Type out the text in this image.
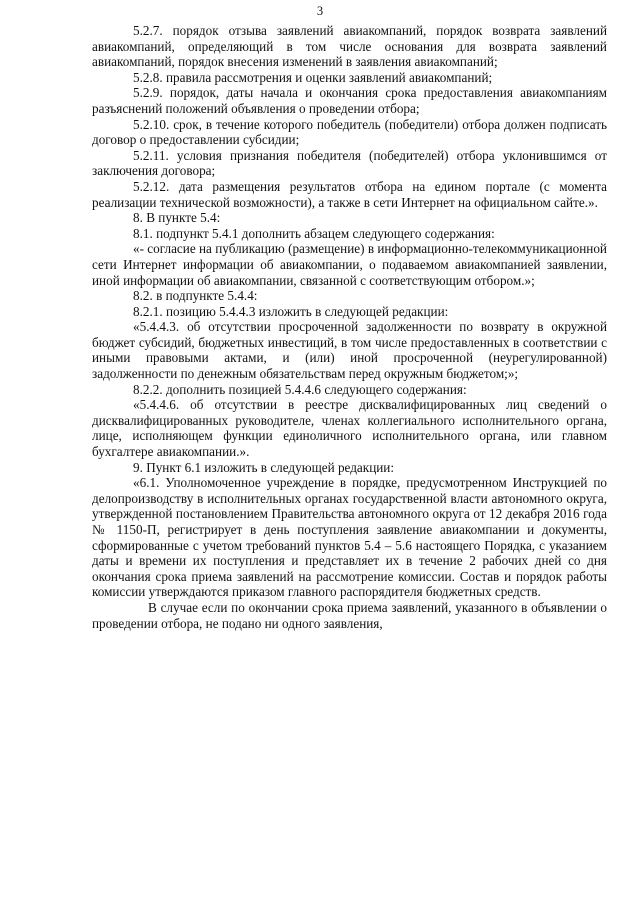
3

5.2.7. порядок отзыва заявлений авиакомпаний, порядок возврата заявлений авиакомпаний, определяющий в том числе основания для возврата заявлений авиакомпаний, порядок внесения изменений в заявления авиакомпаний;

5.2.8. правила рассмотрения и оценки заявлений авиакомпаний;

5.2.9. порядок, даты начала и окончания срока предоставления авиакомпаниям разъяснений положений объявления о проведении отбора;

5.2.10. срок, в течение которого победитель (победители) отбора должен подписать договор о предоставлении субсидии;

5.2.11. условия признания победителя (победителей) отбора уклонившимся от заключения договора;

5.2.12. дата размещения результатов отбора на едином портале (с момента реализации технической возможности), а также в сети Интернет на официальном сайте.».

8. В пункте 5.4:

8.1. подпункт 5.4.1 дополнить абзацем следующего содержания:

«- согласие на публикацию (размещение) в информационно-телекоммуникационной сети Интернет информации об авиакомпании, о подаваемом авиакомпанией заявлении, иной информации об авиакомпании, связанной с соответствующим отбором.»;

8.2. в подпункте 5.4.4:

8.2.1. позицию 5.4.4.3 изложить в следующей редакции:

«5.4.4.3. об отсутствии просроченной задолженности по возврату в окружной бюджет субсидий, бюджетных инвестиций, в том числе предоставленных в соответствии с иными правовыми актами, и (или) иной просроченной (неурегулированной) задолженности по денежным обязательствам перед окружным бюджетом;»;

8.2.2. дополнить позицией 5.4.4.6 следующего содержания:

«5.4.4.6. об отсутствии в реестре дисквалифицированных лиц сведений о дисквалифицированных руководителе, членах коллегиального исполнительного органа, лице, исполняющем функции единоличного исполнительного органа, или главном бухгалтере авиакомпании.».

9. Пункт 6.1 изложить в следующей редакции:

«6.1. Уполномоченное учреждение в порядке, предусмотренном Инструкцией по делопроизводству в исполнительных органах государственной власти автономного округа, утвержденной постановлением Правительства автономного округа от 12 декабря 2016 года № 1150-П, регистрирует в день поступления заявление авиакомпании и документы, сформированные с учетом требований пунктов 5.4 – 5.6 настоящего Порядка, с указанием даты и времени их поступления и представляет их в течение 2 рабочих дней со дня окончания срока приема заявлений на рассмотрение комиссии. Состав и порядок работы комиссии утверждаются приказом главного распорядителя бюджетных средств.

В случае если по окончании срока приема заявлений, указанного в объявлении о проведении отбора, не подано ни одного заявления,
